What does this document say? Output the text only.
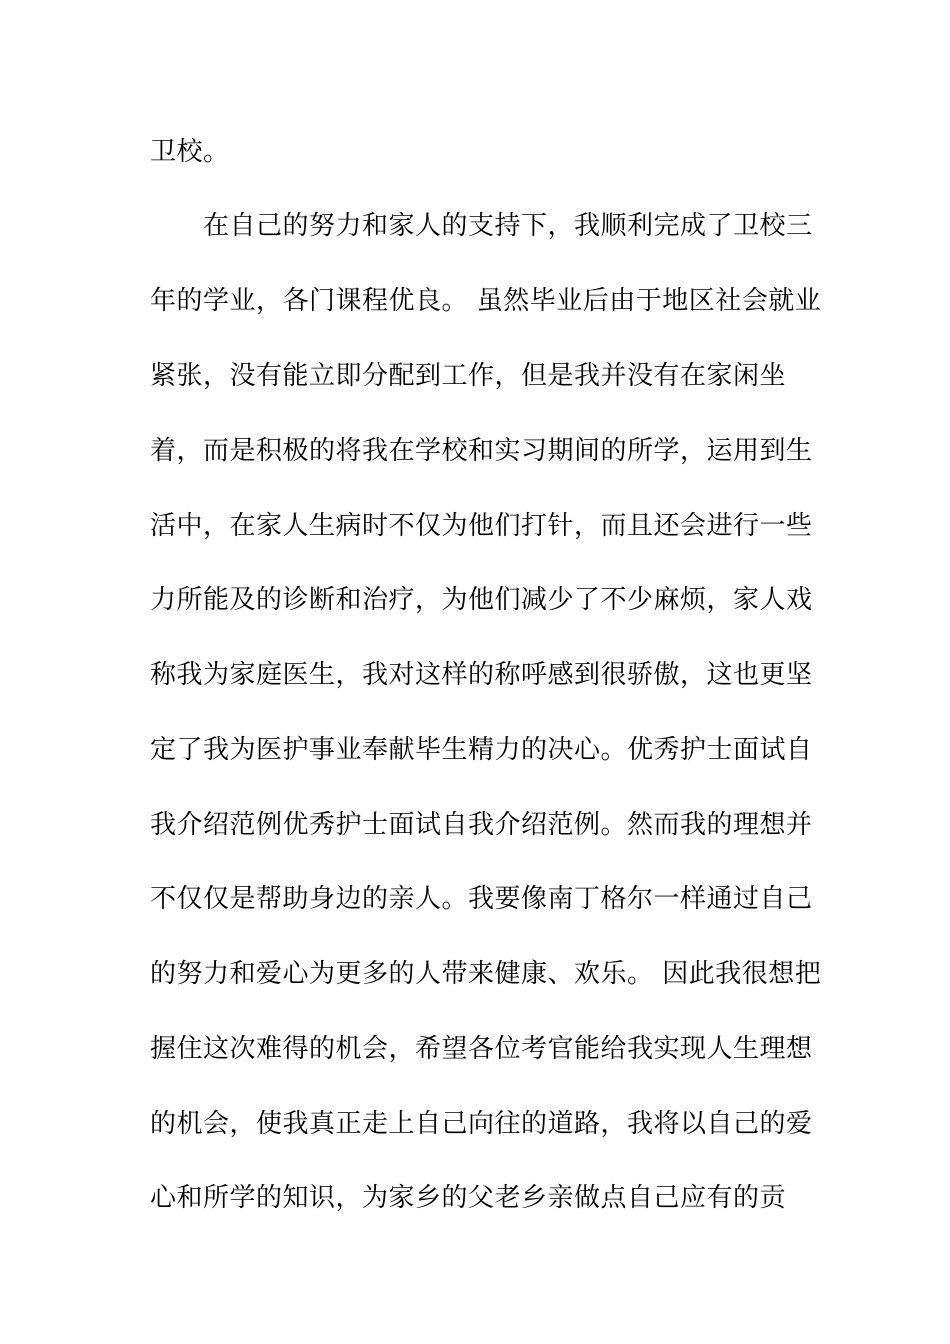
卫校。
在自己的努力和家人的支持下，我顺利完成了卫校三
年的学业，各门课程优良。 虽然毕业后由于地区社会就业
紧张，没有能立即分配到工作，但是我并没有在家闲坐
着，而是积极的将我在学校和实习期间的所学，运用到生
活中，在家人生病时不仅为他们打针，而且还会进行一些
力所能及的诊断和治疗，为他们减少了不少麻烦，家人戏
称我为家庭医生，我对这样的称呼感到很骄傲，这也更坚
定了我为医护事业奉献毕生精力的决心。优秀护士面试自
我介绍范例优秀护士面试自我介绍范例。然而我的理想并
不仅仅是帮助身边的亲人。我要像南丁格尔一样通过自己
的努力和爱心为更多的人带来健康、欢乐。 因此我很想把
握住这次难得的机会，希望各位考官能给我实现人生理想
的机会，使我真正走上自己向往的道路，我将以自己的爱
心和所学的知识，为家乡的父老乡亲做点自己应有的贡
